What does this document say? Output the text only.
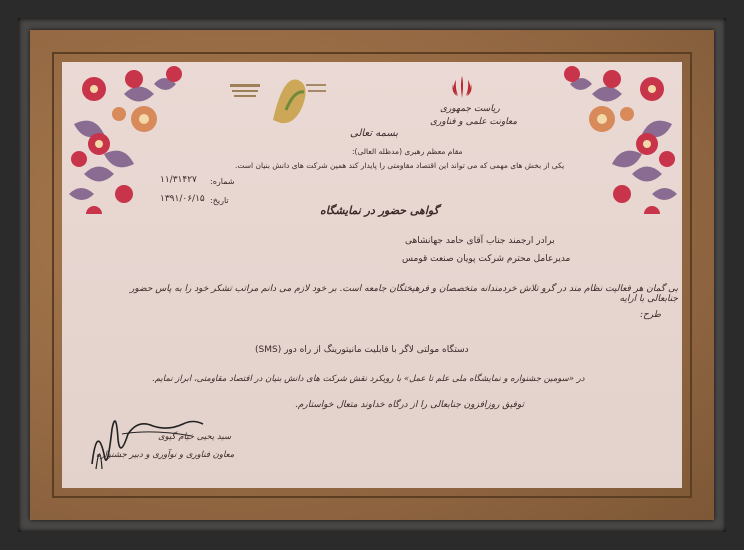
ریاست جمهوری
معاونت علمی و فناوری
بسمه تعالی
مقام معظم رهبری (مدظله العالی):
یکی از بخش های مهمی که می تواند این اقتصاد مقاومتی را پایدار کند همین شرکت های دانش بنیان است.
شماره:
۱۱/۳۱۴۲۷
تاریخ:
۱۳۹۱/۰۶/۱۵
گواهی حضور در نمایشگاه
برادر ارجمند جناب آقای حامد جهانشاهی
مدیرعامل محترم شرکت پویان صنعت قومس
بی گمان هر فعالیت نظام مند در گرو تلاش خردمندانه متخصصان و فرهیختگان جامعه است. بر خود لازم می دانم مراتب تشکر خود را به پاس حضور جنابعالی با ارایه
طرح:
دستگاه مولتی لاگر با قابلیت مانیتورینگ از راه دور (SMS)
در «سومین جشنواره و نمایشگاه ملی علم تا عمل» با رویکرد نقش شرکت های دانش بنیان در اقتصاد مقاومتی، ابراز نمایم.
توفیق روزافزون جنابعالی را از درگاه خداوند متعال خواستارم.
سید یحیی خیام گیوی
معاون فناوری و نوآوری و دبیر جشنواره
